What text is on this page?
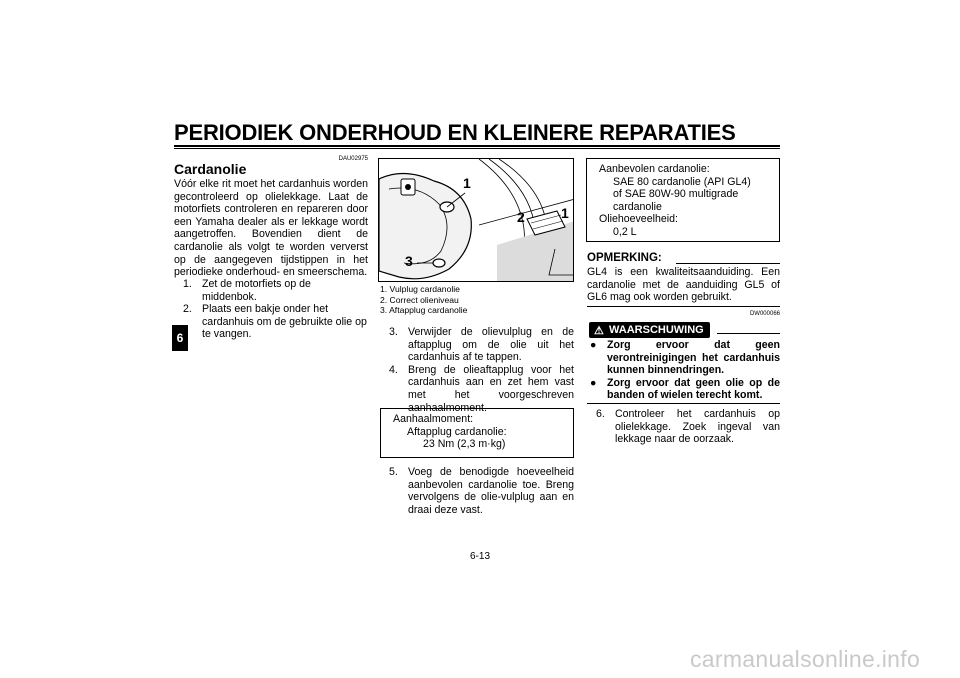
PERIODIEK ONDERHOUD EN KLEINERE REPARATIES
6
DAU02975
Cardanolie
Vóór elke rit moet het cardanhuis worden gecontroleerd op olielekkage. Laat de motorfiets controleren en repareren door een Yamaha dealer als er lekkage wordt aangetroffen. Bovendien dient de cardanolie als volgt te worden ververst op de aangegeven tijdstippen in het periodieke onderhoud- en smeerschema.
1. Zet de motorfiets op de middenbok.
2. Plaats een bakje onder het cardanhuis om de gebruikte olie op te vangen.
1
2	1
3
1. Vulplug cardanolie
2. Correct olieniveau
3. Aftapplug cardanolie
3. Verwijder de olievulplug en de aftapplug om de olie uit het cardanhuis af te tappen.
4. Breng de olieaftapplug voor het cardanhuis aan en zet hem vast met het voorgeschreven aanhaalmoment.
Aanhaalmoment:
Aftapplug cardanolie:
23 Nm (2,3 m·kg)
5. Voeg de benodigde hoeveelheid aanbevolen cardanolie toe. Breng vervolgens de olie-vulplug aan en draai deze vast.
Aanbevolen cardanolie:
SAE 80 cardanolie (API GL4)
of SAE 80W-90 multigrade
cardanolie
Oliehoeveelheid:
0,2 L
OPMERKING:
GL4 is een kwaliteitsaanduiding. Een cardanolie met de aanduiding GL5 of GL6 mag ook worden gebruikt.
DW000066
⚠ WAARSCHUWING
● Zorg ervoor dat geen verontreinigingen het cardanhuis kunnen binnendringen.
● Zorg ervoor dat geen olie op de banden of wielen terecht komt.
6. Controleer het cardanhuis op olielekkage. Zoek ingeval van lekkage naar de oorzaak.
6-13
carmanualsonline.info
